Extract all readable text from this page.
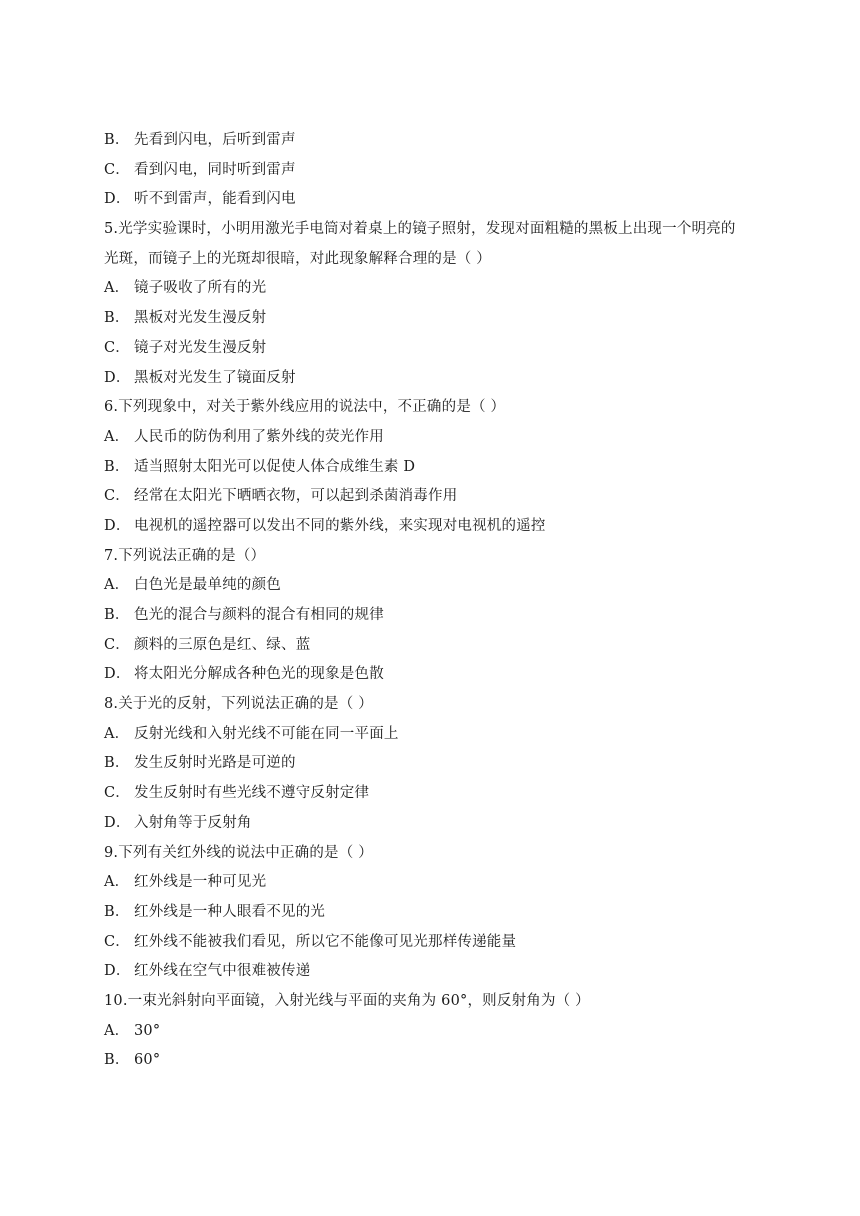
B． 先看到闪电，后听到雷声
C． 看到闪电，同时听到雷声
D． 听不到雷声，能看到闪电
5.光学实验课时，小明用激光手电筒对着桌上的镜子照射，发现对面粗糙的黑板上出现一个明亮的
光斑，而镜子上的光斑却很暗，对此现象解释合理的是（ ）
A． 镜子吸收了所有的光
B． 黑板对光发生漫反射
C． 镜子对光发生漫反射
D． 黑板对光发生了镜面反射
6.下列现象中，对关于紫外线应用的说法中，不正确的是（ ）
A． 人民币的防伪利用了紫外线的荧光作用
B． 适当照射太阳光可以促使人体合成维生素 D
C． 经常在太阳光下晒晒衣物，可以起到杀菌消毒作用
D． 电视机的遥控器可以发出不同的紫外线，来实现对电视机的遥控
7.下列说法正确的是（）
A． 白色光是最单纯的颜色
B． 色光的混合与颜料的混合有相同的规律
C． 颜料的三原色是红、绿、蓝
D． 将太阳光分解成各种色光的现象是色散
8.关于光的反射，下列说法正确的是（ ）
A． 反射光线和入射光线不可能在同一平面上
B． 发生反射时光路是可逆的
C． 发生反射时有些光线不遵守反射定律
D． 入射角等于反射角
9.下列有关红外线的说法中正确的是（ ）
A． 红外线是一种可见光
B． 红外线是一种人眼看不见的光
C． 红外线不能被我们看见，所以它不能像可见光那样传递能量
D． 红外线在空气中很难被传递
10.一束光斜射向平面镜，入射光线与平面的夹角为 60°，则反射角为（ ）
A． 30°
B． 60°
